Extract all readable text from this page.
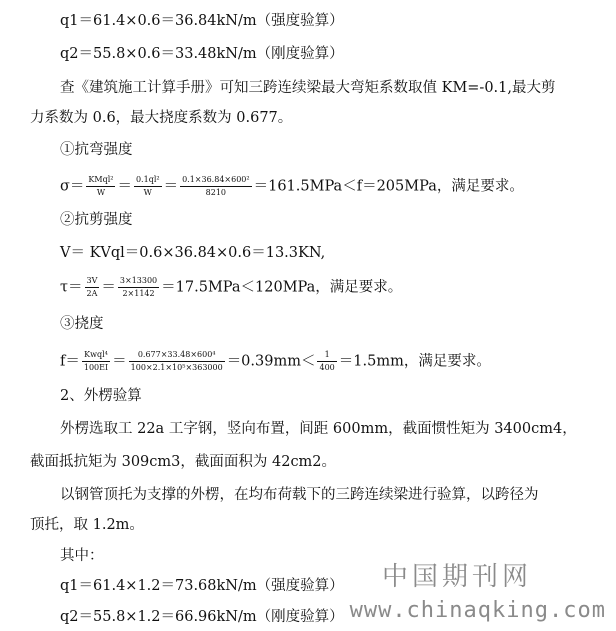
q1＝61.4×0.6＝36.84kN/m（强度验算）
q2＝55.8×0.6＝33.48kN/m（刚度验算）
查《建筑施工计算手册》可知三跨连续梁最大弯矩系数取值 KM=-0.1,最大剪
力系数为 0.6，最大挠度系数为 0.677。
①抗弯强度
$\sigma= \frac{\text{KMql²}}{W} = \frac{\text{0.1ql²}}{W} = \frac{\text{0.1×36.84×600²}}{8210} =161.5MPa<f=205MPa$，满足要求。
②抗剪强度
V＝ KVql＝0.6×36.84×0.6＝13.3KN,
$\tau= \frac{3V}{2A} = \frac{3\times 13300}{2\times 1142} =17.5MPa<120MPa$，满足要求。
③挠度
$f= \frac{\text{Kwql⁴}}{100EI} = \frac{\text{0.677×33.48×600⁴}}{\text{100×2.1×10⁵×363000}} =0.39mm< \frac{1}{400} =1.5mm$，满足要求。
2、外楞验算
外楞选取工 22a 工字钢，竖向布置，间距 600mm，截面惯性矩为 3400cm4，
截面抵抗矩为 309cm3，截面面积为 42cm2。
以钢管顶托为支撑的外楞，在均布荷载下的三跨连续梁进行验算，以跨径为
顶托，取 1.2m。
其中：
q1＝61.4×1.2＝73.68kN/m（强度验算）
q2＝55.8×1.2＝66.96kN/m（刚度验算）
中国期刊网
www.chinaqking.com
